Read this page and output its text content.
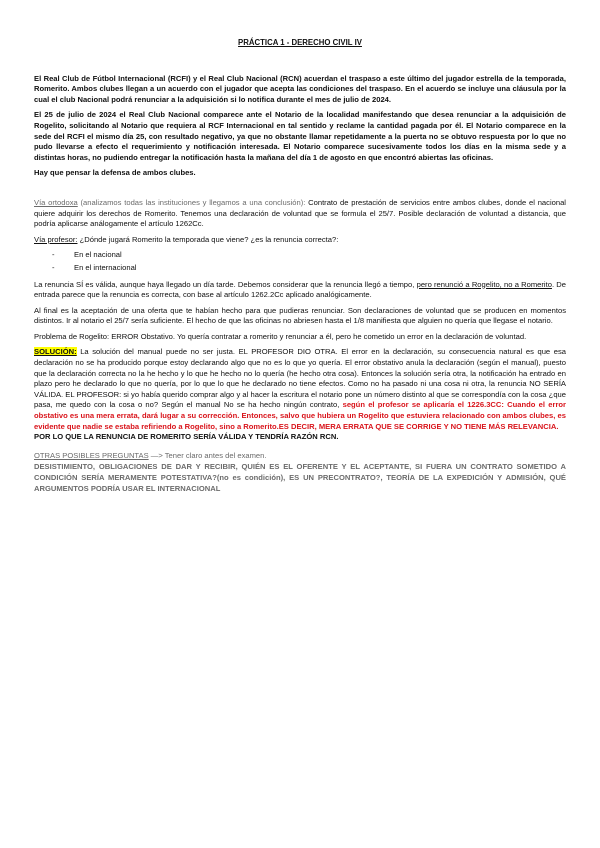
PRÁCTICA 1 - DERECHO CIVIL IV

El Real Club de Fútbol Internacional (RCFI) y el Real Club Nacional (RCN) acuerdan el traspaso a este último del jugador estrella de la temporada, Romerito. Ambos clubes llegan a un acuerdo con el jugador que acepta las condiciones del traspaso. En el acuerdo se incluye una cláusula por la cual el club Nacional podrá renunciar a la adquisición si lo notifica durante el mes de julio de 2024.

El 25 de julio de 2024 el Real Club Nacional comparece ante el Notario de la localidad manifestando que desea renunciar a la adquisición de Rogelito, solicitando al Notario que requiera al RCF Internacional en tal sentido y reclame la cantidad pagada por él. El Notario comparece en la sede del RCFI el mismo día 25, con resultado negativo, ya que no obstante llamar repetidamente a la puerta no se obtuvo respuesta por lo que no pudo llevarse a efecto el requerimiento y notificación interesada. El Notario comparece sucesivamente todos los días en la misma sede y a distintas horas, no pudiendo entregar la notificación hasta la mañana del día 1 de agosto en que encontró abiertas las oficinas.

Hay que pensar la defensa de ambos clubes.

Vía ortodoxa (analizamos todas las instituciones y llegamos a una conclusión): Contrato de prestación de servicios entre ambos clubes, donde el nacional quiere adquirir los derechos de Romerito. Tenemos una declaración de voluntad que se formula el 25/7. Posible declaración de voluntad a distancia, que podría aplicarse análogamente el artículo 1262Cc.

Vía profesor: ¿Dónde jugará Romerito la temporada que viene? ¿es la renuncia correcta?:

-	En el nacional
-	En el internacional

La renuncia SÍ es válida, aunque haya llegado un día tarde. Debemos considerar que la renuncia llegó a tiempo, pero renunció a Rogelito, no a Romerito. De entrada parece que la renuncia es correcta, con base al artículo 1262.2Cc aplicado analógicamente.

Al final es la aceptación de una oferta que te habían hecho para que pudieras renunciar. Son declaraciones de voluntad que se producen en momentos distintos. Ir al notario el 25/7 sería suficiente. El hecho de que las oficinas no abriesen hasta el 1/8 manifiesta que alguien no quería que llegase el notario.

Problema de Rogelito: ERROR Obstativo. Yo quería contratar a romerito y renunciar a él, pero he cometido un error en la declaración de voluntad.

SOLUCIÓN: La solución del manual puede no ser justa. EL PROFESOR DIO OTRA. El error en la declaración, su consecuencia natural es que esa declaración no se ha producido porque estoy declarando algo que no es lo que yo quería. El error obstativo anula la declaración (según el manual), puesto que la declaración correcta no la he hecho y lo que he hecho no lo quería (he hecho otra cosa). Entonces la solución sería otra, la notificación ha entrado en plazo pero he declarado lo que no quería, por lo que lo que he declarado no tiene efectos. Como no ha pasado ni una cosa ni otra, la renuncia NO SERÍA VÁLIDA. EL PROFESOR: si yo había querido comprar algo y al hacer la escritura el notario pone un número distinto al que se correspondía con la cosa ¿que pasa, me quedo con la cosa o no? Según el manual No se ha hecho ningún contrato, según el profesor se aplicaría el 1226.3CC: Cuando el error obstativo es una mera errata, dará lugar a su corrección. Entonces, salvo que hubiera un Rogelito que estuviera relacionado con ambos clubes, es evidente que nadie se estaba refiriendo a Rogelito, sino a Romerito.ES DECIR, MERA ERRATA QUE SE CORRIGE Y NO TIENE MÁS RELEVANCIA.

POR LO QUE LA RENUNCIA DE ROMERITO SERÍA VÁLIDA Y TENDRÍA RAZÓN RCN.

OTRAS POSIBLES PREGUNTAS —> Tener claro antes del examen.

DESISTIMIENTO, OBLIGACIONES DE DAR Y RECIBIR, QUIÉN ES EL OFERENTE Y EL ACEPTANTE, SI FUERA UN CONTRATO SOMETIDO A CONDICIÓN SERÍA MERAMENTE POTESTATIVA?(no es condición), ES UN PRECONTRATO?, TEORÍA DE LA EXPEDICIÓN Y ADMISIÓN, QUÉ ARGUMENTOS PODRÍA USAR EL INTERNACIONAL
